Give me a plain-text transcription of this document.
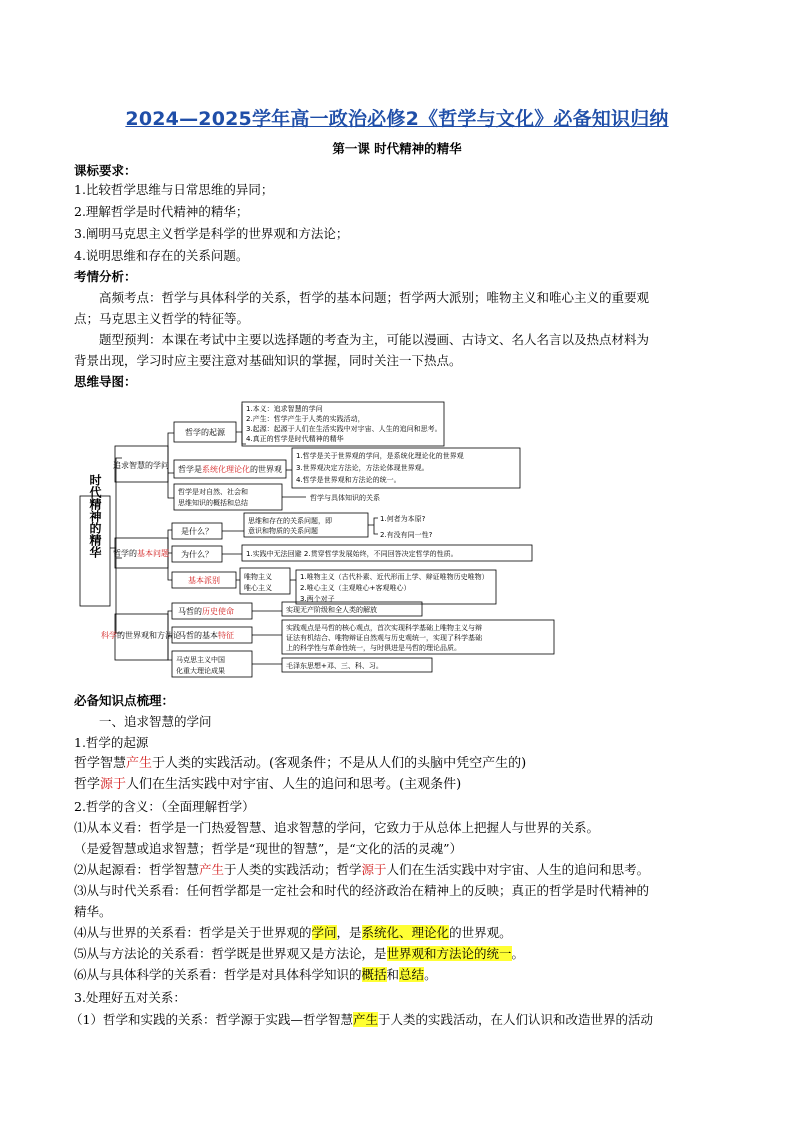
2024—2025学年高一政治必修2《哲学与文化》必备知识归纳
第一课 时代精神的精华
课标要求：
1.比较哲学思维与日常思维的异同；
2.理解哲学是时代精神的精华；
3.阐明马克思主义哲学是科学的世界观和方法论；
4.说明思维和存在的关系问题。
考情分析：
高频考点：哲学与具体科学的关系，哲学的基本问题；哲学两大派别；唯物主义和唯心主义的重要观
点；马克思主义哲学的特征等。
题型预判：本课在考试中主要以选择题的考查为主，可能以漫画、古诗文、名人名言以及热点材料为
背景出现，学习时应主要注意对基础知识的掌握，同时关注一下热点。
思维导图：
时代精神的精华
追求智慧的学问
哲学的基本问题
科学的世界观和方法论
哲学的起源
1.本义：追求智慧的学问
2.产生：哲学产生于人类的实践活动，
3.起源：起源于人们在生活实践中对宇宙、人生的追问和思考。
4.真正的哲学是时代精神的精华
哲学是系统化理论化的世界观
1.哲学是关于世界观的学问，是系统化理论化的世界观
3.世界观决定方法论，方法论体现世界观。
4.哲学是世界观和方法论的统一。
哲学是对自然、社会和
思维知识的概括和总结
哲学与具体知识的关系
是什么？
思维和存在的关系问题，即
意识和物质的关系问题
1.何者为本原?
2.有没有同一性?
为什么？	1.实践中无法回避 2.贯穿哲学发展始终，不同回答决定哲学的性质。
基本派别	唯物主义
唯心主义
1.唯物主义（古代朴素、近代形而上学、辩证唯物历史唯物）
2.唯心主义（主观唯心+客观唯心）
3.两个对子
马哲的历史使命	实现无产阶级和全人类的解放
马哲的基本特征
实践观点是马哲的核心观点，首次实现科学基础上唯物主义与辩
证法有机结合、唯物辩证自然观与历史观统一，实现了科学基础
上的科学性与革命性统一，与时俱进是马哲的理论品质。
马克思主义中国
化重大理论成果
毛泽东思想+邓、三、科、习。
必备知识点梳理：
一、追求智慧的学问
1.哲学的起源
哲学智慧产生于人类的实践活动。(客观条件；不是从人们的头脑中凭空产生的)
哲学源于人们在生活实践中对宇宙、人生的追问和思考。(主观条件)
2.哲学的含义：（全面理解哲学）
⑴从本义看：哲学是一门热爱智慧、追求智慧的学问，它致力于从总体上把握人与世界的关系。
（是爱智慧或追求智慧；哲学是“现世的智慧”，是“文化的活的灵魂”）
⑵从起源看：哲学智慧产生于人类的实践活动；哲学源于人们在生活实践中对宇宙、人生的追问和思考。
⑶从与时代关系看：任何哲学都是一定社会和时代的经济政治在精神上的反映；真正的哲学是时代精神的
精华。
⑷从与世界的关系看：哲学是关于世界观的学问，是系统化、理论化的世界观。
⑸从与方法论的关系看：哲学既是世界观又是方法论，是世界观和方法论的统一。
⑹从与具体科学的关系看：哲学是对具体科学知识的概括和总结。
3.处理好五对关系：
（1）哲学和实践的关系：哲学源于实践—哲学智慧产生于人类的实践活动，在人们认识和改造世界的活动
